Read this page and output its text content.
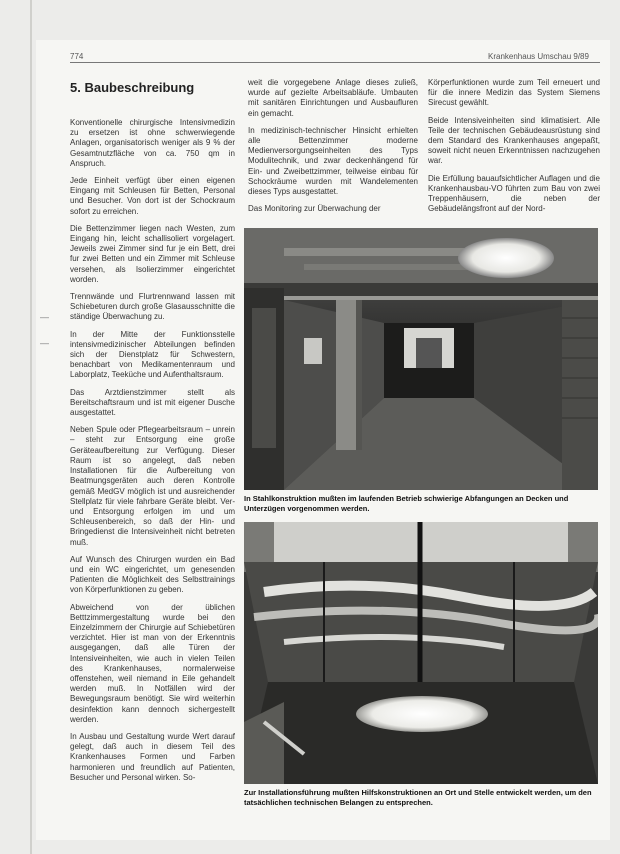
774	Krankenhaus Umschau 9/89
5. Baubeschreibung

Konventionelle chirurgische Intensivmedizin zu ersetzen ist ohne schwerwiegende Anlagen, organisatorisch weniger als 9 % der Gesamtnutzfläche von ca. 750 qm in Anspruch.

Jede Einheit verfügt über einen eigenen Eingang mit Schleusen für Betten, Personal und Besucher. Von dort ist der Schockraum sofort zu erreichen.

Die Bettenzimmer liegen nach Westen, zum Eingang hin, leicht schallisoliert vorgelagert. Jeweils zwei Zimmer sind fur je ein Bett, drei fur zwei Betten und ein Zimmer mit Schleuse versehen, als Isolierzimmer eingerichtet worden.

Trennwände und Flurtrennwand lassen mit Schiebeturen durch große Glasausschnitte die ständige Überwachung zu.

In der Mitte der Funktionsstelle intensivmedizinischer Abteilungen befinden sich der Dienstplatz für Schwestern, benachbart von Medikamentenraum und Laborplatz, Teeküche und Aufenthaltsraum.

Das Arztdienstzimmer stellt als Bereitschaftsraum und ist mit eigener Dusche ausgestattet.

Neben Spule oder Pflegearbeitsraum – unrein – steht zur Entsorgung eine große Geräteaufbereitung zur Verfügung. Dieser Raum ist so angelegt, daß neben Installationen für die Aufbereitung von Beatmungsgeräten auch deren Kontrolle gemäß MedGV möglich ist und ausreichender Stellplatz für viele fahrbare Geräte bleibt. Ver- und Entsorgung erfolgen im und um Schleusenbereich, so daß der Hin- und Bringedienst die Intensiveinheit nicht betreten muß.

Auf Wunsch des Chirurgen wurden ein Bad und ein WC eingerichtet, um genesenden Patienten die Möglichkeit des Selbsttrainings von Körperfunktionen zu geben.

Abweichend von der üblichen Betttzimmergestaltung wurde bei den Einzelzimmern der Chirurgie auf Schiebetüren verzichtet. Hier ist man von der Erkenntnis ausgegangen, daß alle Türen der Intensiveinheiten, wie auch in vielen Teilen des Krankenhauses, normalerweise offenstehen, weil niemand in Eile gehandelt werden muß. In Notfällen wird der Bewegungsraum benötigt. Sie wird weiterhin desinfektion kann dennoch sichergestellt werden.

In Ausbau und Gestaltung wurde Wert darauf gelegt, daß auch in diesem Teil des Krankenhauses Formen und Farben harmonieren und freundlich auf Patienten, Besucher und Personal wirken. So-

—
—

weit die vorgegebene Anlage dieses zuließ, wurde auf gezielte Arbeitsabläufe. Umbauten mit sanitären Einrichtungen und Ausbaufluren ein gemacht.

In medizinisch-technischer Hinsicht erhielten alle Bettenzimmer moderne Medienversorgungseinheiten des Typs Modulitechnik, und zwar deckenhängend für Ein- und Zweibettzimmer, teilweise einbau für Schockräume wurden mit Wandelementen dieses Typs ausgestattet.

Das Monitoring zur Überwachung der

Körperfunktionen wurde zum Teil erneuert und für die innere Medizin das System Siemens Sirecust gewählt.

Beide Intensiveinheiten sind klimatisiert. Alle Teile der technischen Gebäudeausrüstung sind dem Standard des Krankenhauses angepaßt, soweit nicht neuen Erkenntnissen nachzugehen war.

Die Erfüllung bauaufsichtlicher Auflagen und die Krankenhausbau-VO führten zum Bau von zwei Treppenhäusern, die neben der Gebäudelängsfront auf der Nord-

In Stahlkonstruktion mußten im laufenden Betrieb schwierige Abfangungen an Decken und Unterzügen vorgenommen werden.
Zur Installationsführung mußten Hilfskonstruktionen an Ort und Stelle entwickelt werden, um den tatsächlichen technischen Belangen zu entsprechen.
